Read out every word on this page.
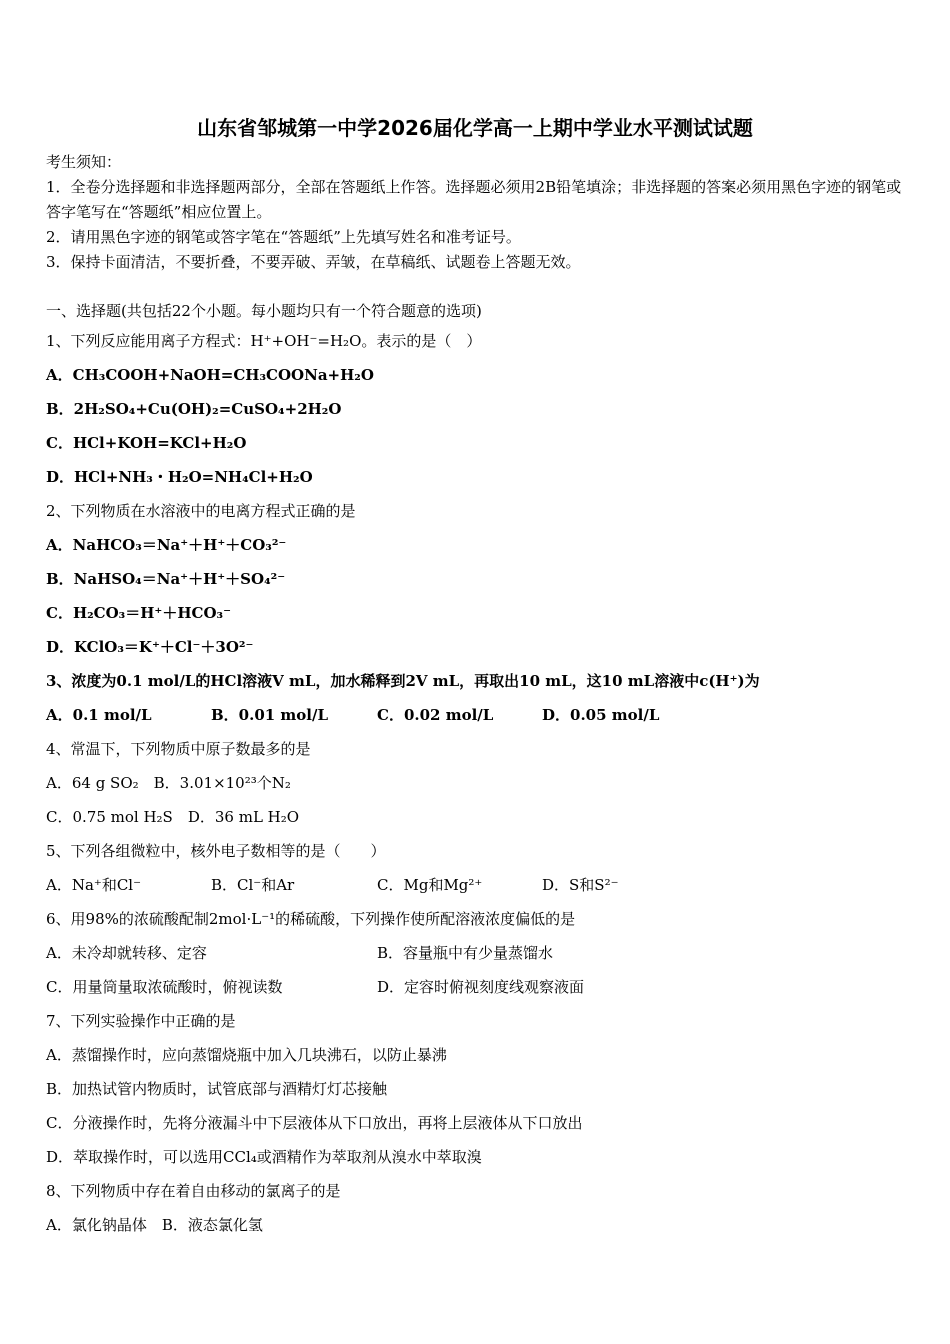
山东省邹城第一中学2026届化学高一上期中学业水平测试试题
考生须知：
1．全卷分选择题和非选择题两部分，全部在答题纸上作答。选择题必须用2B铅笔填涂；非选择题的答案必须用黑色字迹的钢笔或答字笔写在“答题纸”相应位置上。
2．请用黑色字迹的钢笔或答字笔在“答题纸”上先填写姓名和准考证号。
3．保持卡面清洁，不要折叠，不要弄破、弄皱，在草稿纸、试题卷上答题无效。
一、选择题(共包括22个小题。每小题均只有一个符合题意的选项)
1、下列反应能用离子方程式：H⁺+OH⁻=H₂O。表示的是（　）
A．CH₃COOH+NaOH=CH₃COONa+H₂O
B．2H₂SO₄+Cu(OH)₂=CuSO₄+2H₂O
C．HCl+KOH=KCl+H₂O
D．HCl+NH₃・H₂O=NH₄Cl+H₂O
2、下列物质在水溶液中的电离方程式正确的是
A．NaHCO₃＝Na⁺＋H⁺＋CO₃²⁻
B．NaHSO₄＝Na⁺＋H⁺＋SO₄²⁻
C．H₂CO₃＝H⁺＋HCO₃⁻
D．KClO₃＝K⁺＋Cl⁻＋3O²⁻
3、浓度为0.1 mol/L的HCl溶液V mL，加水稀释到2V mL，再取出10 mL，这10 mL溶液中c(H⁺)为
A．0.1 mol/L	B．0.01 mol/L	C．0.02 mol/L	D．0.05 mol/L
4、常温下，下列物质中原子数最多的是
A．64 g SO₂　B．3.01×10²³个N₂
C．0.75 mol H₂S　D．36 mL H₂O
5、下列各组微粒中，核外电子数相等的是（　　）
A．Na⁺和Cl⁻	B．Cl⁻和Ar	C．Mg和Mg²⁺	D．S和S²⁻
6、用98%的浓硫酸配制2mol·L⁻¹的稀硫酸，下列操作使所配溶液浓度偏低的是
A．未冷却就转移、定容	B．容量瓶中有少量蒸馏水
C．用量筒量取浓硫酸时，俯视读数	D．定容时俯视刻度线观察液面
7、下列实验操作中正确的是
A．蒸馏操作时，应向蒸馏烧瓶中加入几块沸石，以防止暴沸
B．加热试管内物质时，试管底部与酒精灯灯芯接触
C．分液操作时，先将分液漏斗中下层液体从下口放出，再将上层液体从下口放出
D．萃取操作时，可以选用CCl₄或酒精作为萃取剂从溴水中萃取溴
8、下列物质中存在着自由移动的氯离子的是
A．氯化钠晶体　B．液态氯化氢
